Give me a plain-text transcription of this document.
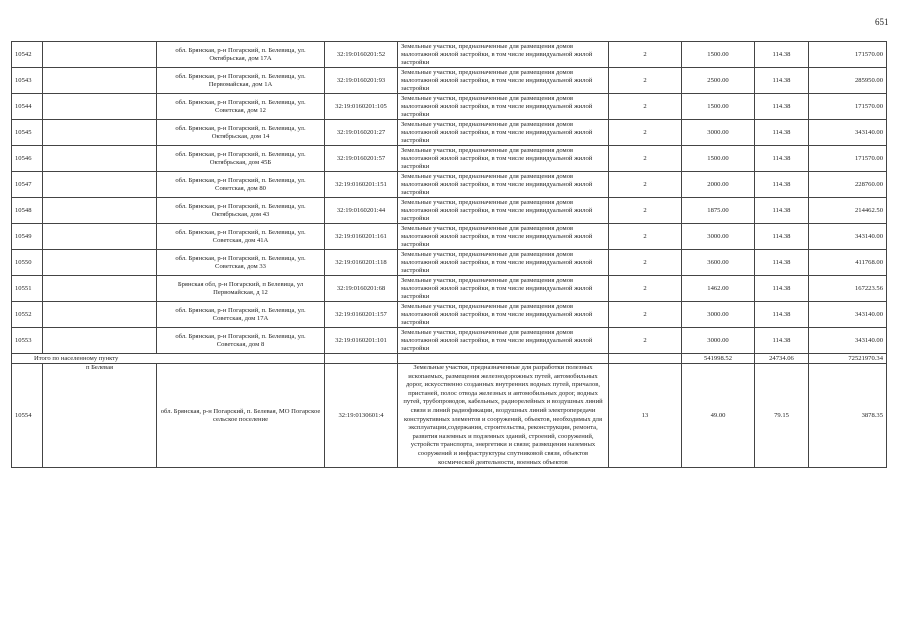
651
10542		обл. Брянская, р-н Погарский, п. Белевица, ул. Октябрьская, дом 17А	32:19:0160201:52	Земельные участки, предназначенные для размещения домов малоэтажной жилой застройки, в том числе индивидуальной жилой застройки	2	1500.00	114.38	171570.00
10543		обл. Брянская, р-н Погарский, п. Белевица, ул. Первомайская, дом 1А	32:19:0160201:93	Земельные участки, предназначенные для размещения домов малоэтажной жилой застройки, в том числе индивидуальной жилой застройки	2	2500.00	114.38	285950.00
10544		обл. Брянская, р-н Погарский, п. Белевица, ул. Советская, дом 12	32:19:0160201:105	Земельные участки, предназначенные для размещения домов малоэтажной жилой застройки, в том числе индивидуальной жилой застройки	2	1500.00	114.38	171570.00
10545		обл. Брянская, р-н Погарский, п. Белевица, ул. Октябрьская, дом 14	32:19:0160201:27	Земельные участки, предназначенные для размещения домов малоэтажной жилой застройки, в том числе индивидуальной жилой застройки	2	3000.00	114.38	343140.00
10546		обл. Брянская, р-н Погарский, п. Белевица, ул. Октябрьская, дом 45Б	32:19:0160201:57	Земельные участки, предназначенные для размещения домов малоэтажной жилой застройки, в том числе индивидуальной жилой застройки	2	1500.00	114.38	171570.00
10547		обл. Брянская, р-н Погарский, п. Белевица, ул. Советская, дом 80	32:19:0160201:151	Земельные участки, предназначенные для размещения домов малоэтажной жилой застройки, в том числе индивидуальной жилой застройки	2	2000.00	114.38	228760.00
10548		обл. Брянская, р-н Погарский, п. Белевица, ул. Октябрьская, дом 43	32:19:0160201:44	Земельные участки, предназначенные для размещения домов малоэтажной жилой застройки, в том числе индивидуальной жилой застройки	2	1875.00	114.38	214462.50
10549		обл. Брянская, р-н Погарский, п. Белевица, ул. Советская, дом 41А	32:19:0160201:161	Земельные участки, предназначенные для размещения домов малоэтажной жилой застройки, в том числе индивидуальной жилой застройки	2	3000.00	114.38	343140.00
10550		обл. Брянская, р-н Погарский, п. Белевица, ул. Советская, дом 33	32:19:0160201:118	Земельные участки, предназначенные для размещения домов малоэтажной жилой застройки, в том числе индивидуальной жилой застройки	2	3600.00	114.38	411768.00
10551		Брянская обл, р-н Погарский, п Белевица, ул Первомайская, д 12	32:19:0160201:68	Земельные участки, предназначенные для размещения домов малоэтажной жилой застройки, в том числе индивидуальной жилой застройки	2	1462.00	114.38	167223.56
10552		обл. Брянская, р-н Погарский, п. Белевица, ул. Советская, дом 17А	32:19:0160201:157	Земельные участки, предназначенные для размещения домов малоэтажной жилой застройки, в том числе индивидуальной жилой застройки	2	3000.00	114.38	343140.00
10553		обл. Брянская, р-н Погарский, п. Белевица, ул. Советская, дом 8	32:19:0160201:101	Земельные участки, предназначенные для размещения домов малоэтажной жилой застройки, в том числе индивидуальной жилой застройки	2	3000.00	114.38	343140.00
Итого по населенному пункту						541998.52	24734.06	72521970.34
10554	п Белевая	обл. Брянская, р-н Погарский, п. Белевая, МО Погарское сельское поселение	32:19:0130601:4	Земельные участки, предназначенные для разработки полезных ископаемых, размещения железнодорожных путей, автомобильных дорог, искусственно созданных внутренних водных путей, причалов, пристаней, полос отвода железных и автомобильных дорог, водных путей, трубопроводов, кабельных, радиорелейных и воздушных линий связи и линий радиофикации, воздушных линий электропередачи конструктивных элементов и сооружений, объектов, необходимых для эксплуатации,содержания, строительства, реконструкции, ремонта, развития наземных и подземных зданий, строений, сооружений, устройств транспорта, энергетики и связи; размещения наземных сооружений и инфраструктуры спутниковой связи, объектов космической деятельности, военных объектов	13	49.00	79.15	3878.35
